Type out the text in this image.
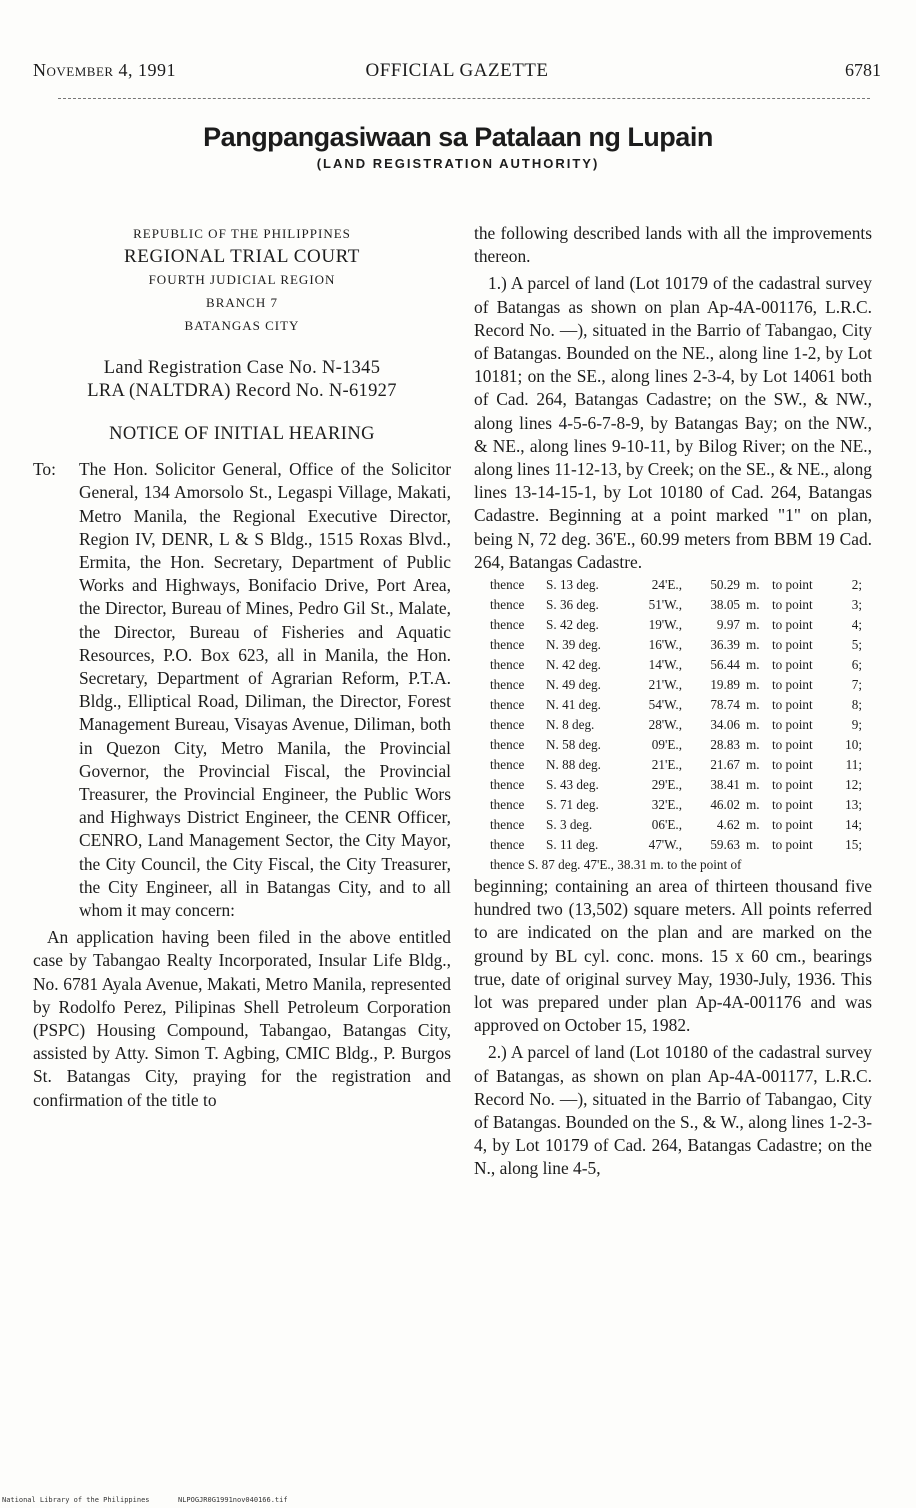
November 4, 1991	OFFICIAL GAZETTE	6781
Pangpangasiwaan sa Patalaan ng Lupain
(LAND REGISTRATION AUTHORITY)
REPUBLIC OF THE PHILIPPINES
REGIONAL TRIAL COURT
FOURTH JUDICIAL REGION
BRANCH 7
BATANGAS CITY
Land Registration Case No. N-1345
LRA (NALTDRA) Record No. N-61927
NOTICE OF INITIAL HEARING
To:	The Hon. Solicitor General, Office of the Solicitor General, 134 Amorsolo St., Legaspi Village, Makati, Metro Manila, the Regional Executive Director, Region IV, DENR, L & S Bldg., 1515 Roxas Blvd., Ermita, the Hon. Secretary, Department of Public Works and Highways, Bonifacio Drive, Port Area, the Director, Bureau of Mines, Pedro Gil St., Malate, the Director, Bureau of Fisheries and Aquatic Resources, P.O. Box 623, all in Manila, the Hon. Secretary, Department of Agrarian Reform, P.T.A. Bldg., Elliptical Road, Diliman, the Director, Forest Management Bureau, Visayas Avenue, Diliman, both in Quezon City, Metro Manila, the Provincial Governor, the Provincial Fiscal, the Provincial Treasurer, the Provincial Engineer, the Public Wors and Highways District Engineer, the CENR Officer, CENRO, Land Management Sector, the City Mayor, the City Council, the City Fiscal, the City Treasurer, the City Engineer, all in Batangas City, and to all whom it may concern:

An application having been filed in the above entitled case by Tabangao Realty Incorporated, Insular Life Bldg., No. 6781 Ayala Avenue, Makati, Metro Manila, represented by Rodolfo Perez, Pilipinas Shell Petroleum Corporation (PSPC) Housing Compound, Tabangao, Batangas City, assisted by Atty. Simon T. Agbing, CMIC Bldg., P. Burgos St. Batangas City, praying for the registration and confirmation of the title to

the following described lands with all the improvements thereon.

1.) A parcel of land (Lot 10179 of the cadastral survey of Batangas as shown on plan Ap-4A-001176, L.R.C. Record No. —), situated in the Barrio of Tabangao, City of Batangas. Bounded on the NE., along line 1-2, by Lot 10181; on the SE., along lines 2-3-4, by Lot 14061 both of Cad. 264, Batangas Cadastre; on the SW., & NW., along lines 4-5-6-7-8-9, by Batangas Bay; on the NW., & NE., along lines 9-10-11, by Bilog River; on the NE., along lines 11-12-13, by Creek; on the SE., & NE., along lines 13-14-15-1, by Lot 10180 of Cad. 264, Batangas Cadastre. Beginning at a point marked "1" on plan, being N, 72 deg. 36'E., 60.99 meters from BBM 19 Cad. 264, Batangas Cadastre.

thence	S. 13 deg.	24'E.,	50.29 m. to point	2;
thence	S. 36 deg.	51'W.,	38.05 m. to point	3;
thence	S. 42 deg.	19'W.,	9.97 m. to point	4;
thence	N. 39 deg.	16'W.,	36.39 m. to point	5;
thence	N. 42 deg.	14'W.,	56.44 m. to point	6;
thence	N. 49 deg.	21'W.,	19.89 m. to point	7;
thence	N. 41 deg.	54'W.,	78.74 m. to point	8;
thence	N. 8 deg.	28'W.,	34.06 m. to point	9;
thence	N. 58 deg.	09'E.,	28.83 m. to point	10;
thence	N. 88 deg.	21'E.,	21.67 m. to point	11;
thence	S. 43 deg.	29'E.,	38.41 m. to point	12;
thence	S. 71 deg.	32'E.,	46.02 m. to point	13;
thence	S. 3 deg.	06'E.,	4.62 m. to point	14;
thence	S. 11 deg.	47'W.,	59.63 m. to point	15;
thence S. 87 deg. 47'E., 38.31 m. to the point of

beginning; containing an area of thirteen thousand five hundred two (13,502) square meters. All points referred to are indicated on the plan and are marked on the ground by BL cyl. conc. mons. 15 x 60 cm., bearings true, date of original survey May, 1930-July, 1936. This lot was prepared under plan Ap-4A-001176 and was approved on October 15, 1982.

2.) A parcel of land (Lot 10180 of the cadastral survey of Batangas, as shown on plan Ap-4A-001177, L.R.C. Record No. —), situated in the Barrio of Tabangao, City of Batangas. Bounded on the S., & W., along lines 1-2-3-4, by Lot 10179 of Cad. 264, Batangas Cadastre; on the N., along line 4-5,

National Library of the Philippines	NLPOGJR0G1991nov040166.tif
